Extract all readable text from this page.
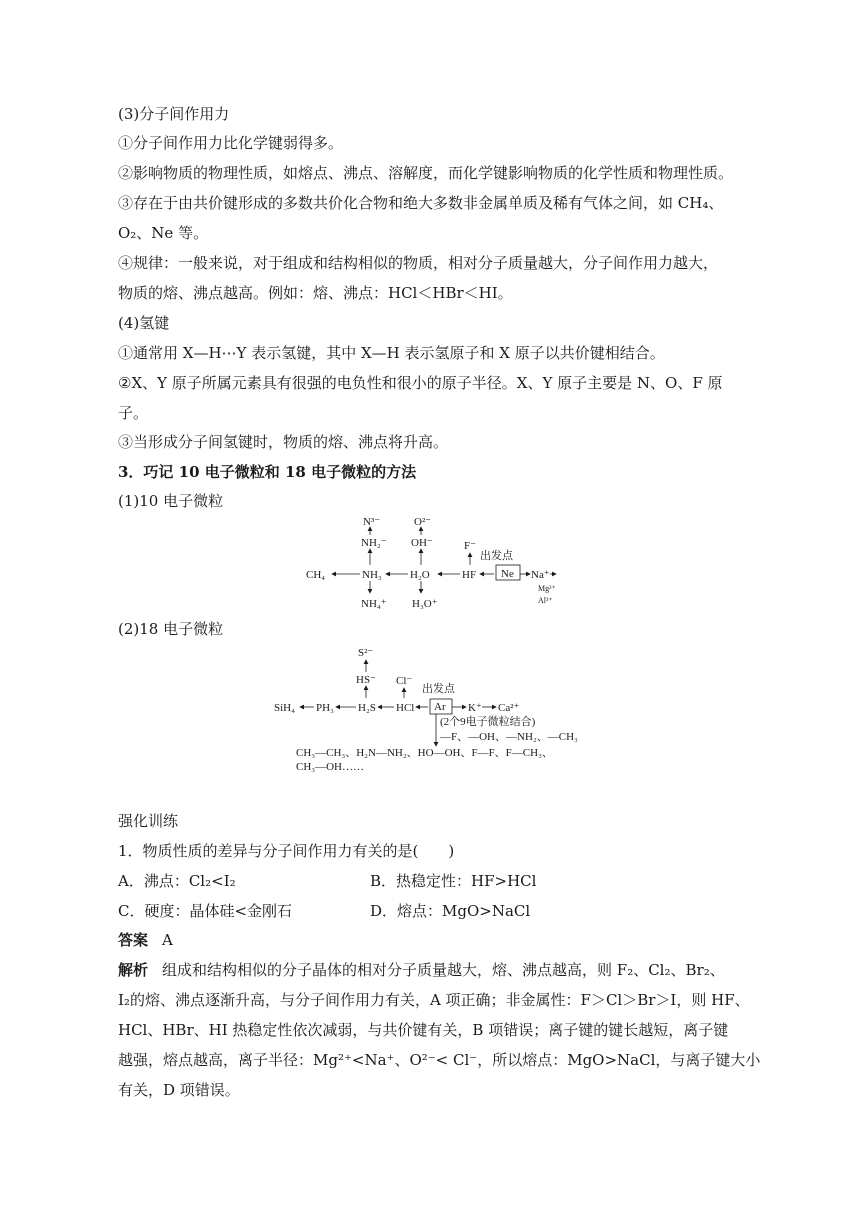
(3)分子间作用力
①分子间作用力比化学键弱得多。
②影响物质的物理性质，如熔点、沸点、溶解度，而化学键影响物质的化学性质和物理性质。
③存在于由共价键形成的多数共价化合物和绝大多数非金属单质及稀有气体之间，如 CH₄、
O₂、Ne 等。
④规律：一般来说，对于组成和结构相似的物质，相对分子质量越大，分子间作用力越大，
物质的熔、沸点越高。例如：熔、沸点：HCl＜HBr＜HI。
(4)氢键
①通常用 X—H⋯Y 表示氢键，其中 X—H 表示氢原子和 X 原子以共价键相结合。
②X、Y 原子所属元素具有很强的电负性和很小的原子半径。X、Y 原子主要是 N、O、F 原
子。
③当形成分子间氢键时，物质的熔、沸点将升高。
3．巧记 10 电子微粒和 18 电子微粒的方法
(1)10 电子微粒
CH₄	NH₃	H₂O	HF Ne
出发点
Na⁺
Mg²⁺
Al³⁺
NH₂⁻
N³⁻
NH₄⁺
OH⁻
O²⁻
H₃O⁺
F⁻
(2)18 电子微粒
SiH₄ PH₃ H₂S HCl Ar
出发点
K⁺ Ca²⁺
HS⁻
S²⁻
Cl⁻
(2个9电子微粒结合)
—F、—OH、—NH₂、—CH₃
CH₃—CH₃、H₂N—NH₂、HO—OH、F—F、F—CH₃、
CH₃—OH……
强化训练
1．物质性质的差异与分子间作用力有关的是(　　)
A．沸点：Cl₂<I₂	B．热稳定性：HF>HCl
C．硬度：晶体硅<金刚石	D．熔点：MgO>NaCl
答案 A
解析 组成和结构相似的分子晶体的相对分子质量越大，熔、沸点越高，则 F₂、Cl₂、Br₂、
I₂的熔、沸点逐渐升高，与分子间作用力有关，A 项正确；非金属性：F＞Cl＞Br＞I，则 HF、
HCl、HBr、HI 热稳定性依次减弱，与共价键有关，B 项错误；离子键的键长越短，离子键
越强，熔点越高，离子半径：Mg²⁺<Na⁺、O²⁻< Cl⁻，所以熔点：MgO>NaCl，与离子键大小
有关，D 项错误。
